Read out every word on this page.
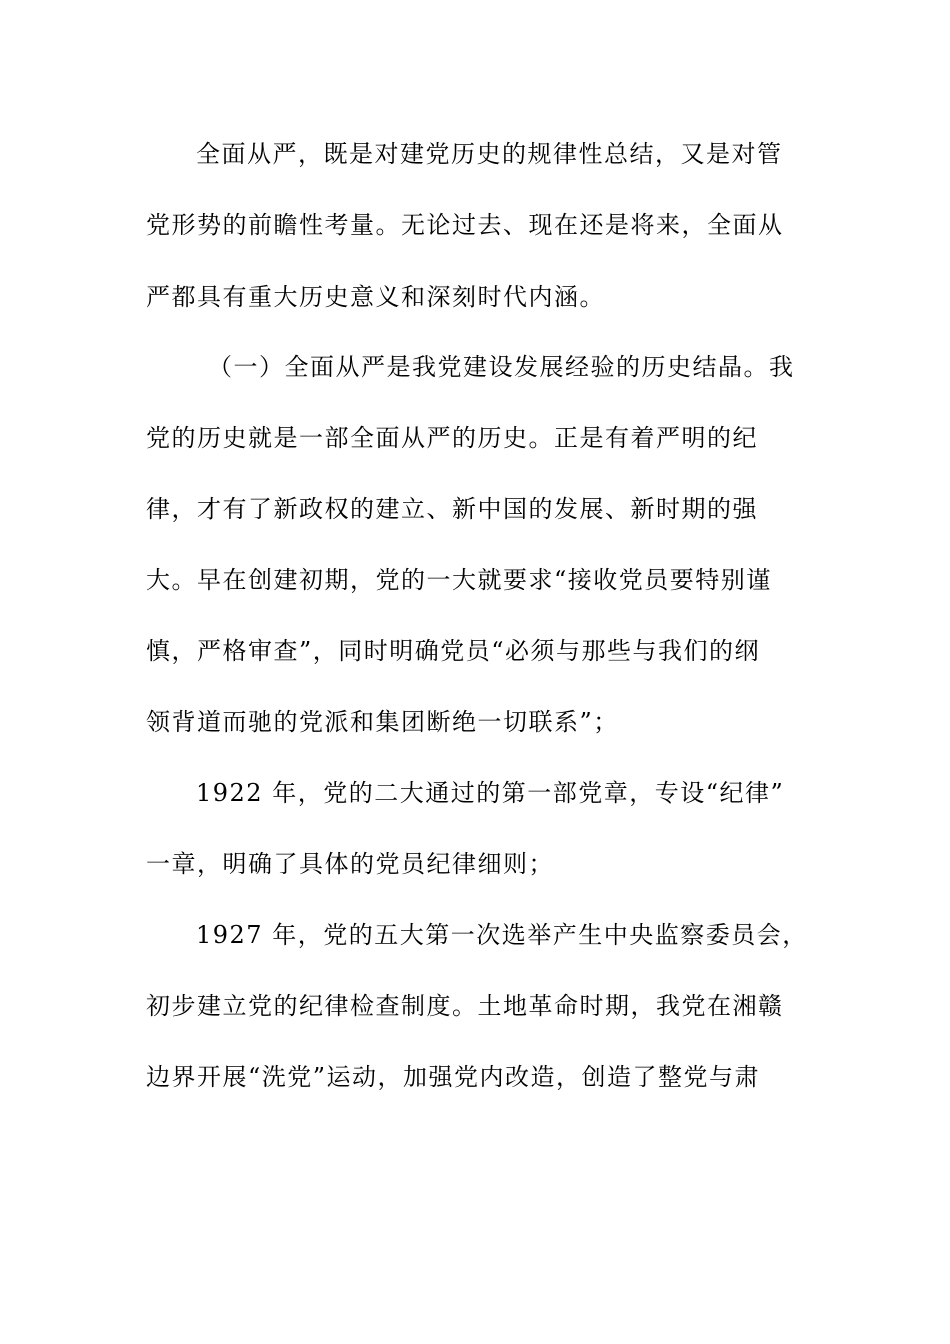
全面从严，既是对建党历史的规律性总结，又是对管
党形势的前瞻性考量。无论过去、现在还是将来，全面从
严都具有重大历史意义和深刻时代内涵。
（一）全面从严是我党建设发展经验的历史结晶。我
党的历史就是一部全面从严的历史。正是有着严明的纪
律，才有了新政权的建立、新中国的发展、新时期的强
大。早在创建初期，党的一大就要求“接收党员要特别谨
慎，严格审查”，同时明确党员“必须与那些与我们的纲
领背道而驰的党派和集团断绝一切联系”；
1922 年，党的二大通过的第一部党章，专设“纪律”
一章，明确了具体的党员纪律细则；
1927 年，党的五大第一次选举产生中央监察委员会，
初步建立党的纪律检查制度。土地革命时期，我党在湘赣
边界开展“洗党”运动，加强党内改造，创造了整党与肃
